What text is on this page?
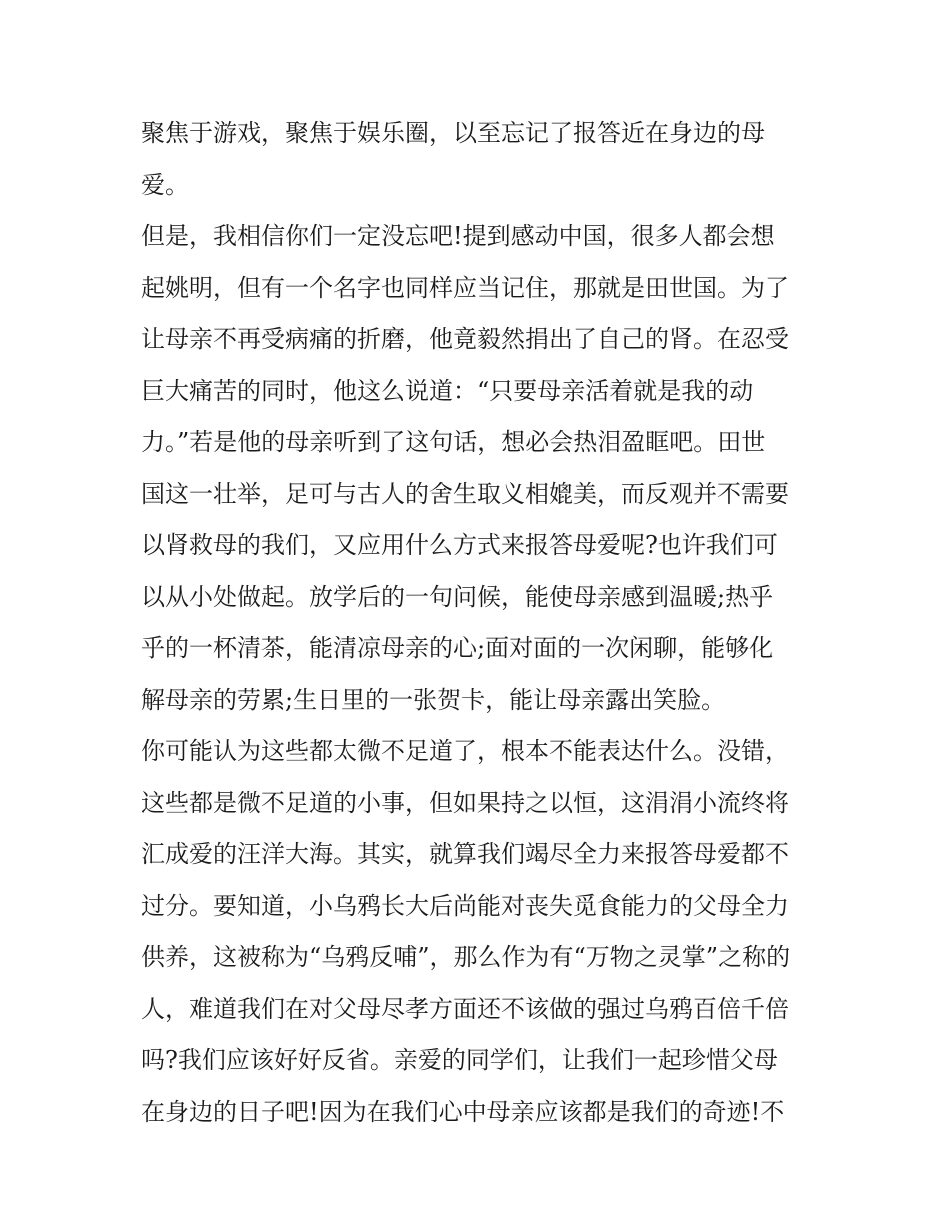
聚焦于游戏，聚焦于娱乐圈，以至忘记了报答近在身边的母
爱。
但是，我相信你们一定没忘吧!提到感动中国，很多人都会想
起姚明，但有一个名字也同样应当记住，那就是田世国。为了
让母亲不再受病痛的折磨，他竟毅然捐出了自己的肾。在忍受
巨大痛苦的同时，他这么说道：“只要母亲活着就是我的动
力。”若是他的母亲听到了这句话，想必会热泪盈眶吧。田世
国这一壮举，足可与古人的舍生取义相媲美，而反观并不需要
以肾救母的我们，又应用什么方式来报答母爱呢?也许我们可
以从小处做起。放学后的一句问候，能使母亲感到温暖;热乎
乎的一杯清茶，能清凉母亲的心;面对面的一次闲聊，能够化
解母亲的劳累;生日里的一张贺卡，能让母亲露出笑脸。
你可能认为这些都太微不足道了，根本不能表达什么。没错，
这些都是微不足道的小事，但如果持之以恒，这涓涓小流终将
汇成爱的汪洋大海。其实，就算我们竭尽全力来报答母爱都不
过分。要知道，小乌鸦长大后尚能对丧失觅食能力的父母全力
供养，这被称为“乌鸦反哺”，那么作为有“万物之灵掌”之称的
人，难道我们在对父母尽孝方面还不该做的强过乌鸦百倍千倍
吗?我们应该好好反省。亲爱的同学们，让我们一起珍惜父母
在身边的日子吧!因为在我们心中母亲应该都是我们的奇迹!不
